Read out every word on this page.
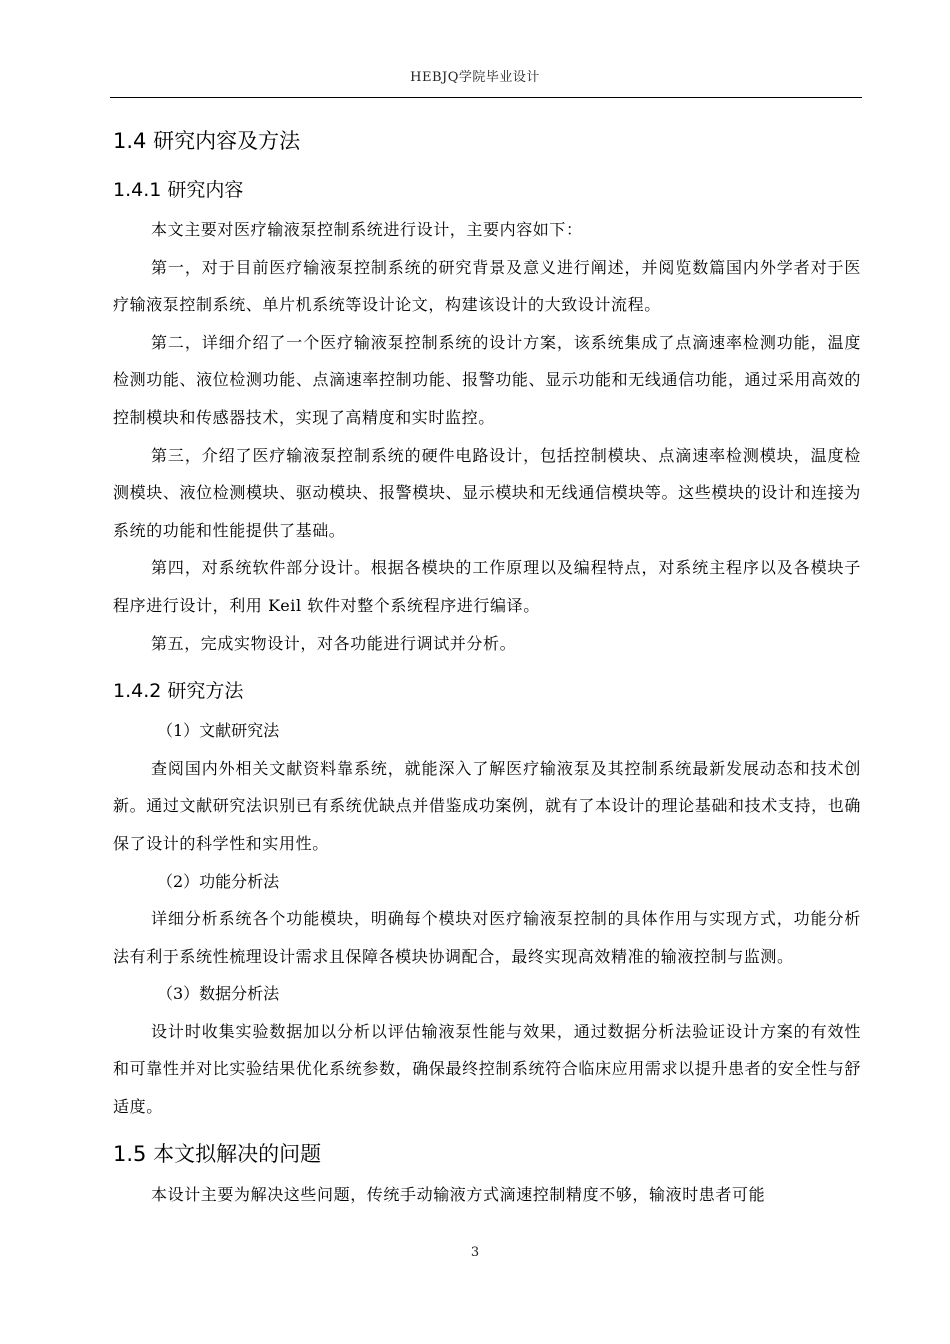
HEBJQ学院毕业设计
1.4 研究内容及方法
1.4.1 研究内容

本文主要对医疗输液泵控制系统进行设计，主要内容如下：

第一，对于目前医疗输液泵控制系统的研究背景及意义进行阐述，并阅览数篇国内外学者对于医疗输液泵控制系统、单片机系统等设计论文，构建该设计的大致设计流程。

第二，详细介绍了一个医疗输液泵控制系统的设计方案，该系统集成了点滴速率检测功能，温度检测功能、液位检测功能、点滴速率控制功能、报警功能、显示功能和无线通信功能，通过采用高效的控制模块和传感器技术，实现了高精度和实时监控。

第三，介绍了医疗输液泵控制系统的硬件电路设计，包括控制模块、点滴速率检测模块，温度检测模块、液位检测模块、驱动模块、报警模块、显示模块和无线通信模块等。这些模块的设计和连接为系统的功能和性能提供了基础。

第四，对系统软件部分设计。根据各模块的工作原理以及编程特点，对系统主程序以及各模块子程序进行设计，利用 Keil 软件对整个系统程序进行编译。

第五，完成实物设计，对各功能进行调试并分析。

1.4.2 研究方法

（1）文献研究法

查阅国内外相关文献资料靠系统，就能深入了解医疗输液泵及其控制系统最新发展动态和技术创新。通过文献研究法识别已有系统优缺点并借鉴成功案例，就有了本设计的理论基础和技术支持，也确保了设计的科学性和实用性。

（2）功能分析法

详细分析系统各个功能模块，明确每个模块对医疗输液泵控制的具体作用与实现方式，功能分析法有利于系统性梳理设计需求且保障各模块协调配合，最终实现高效精准的输液控制与监测。

（3）数据分析法

设计时收集实验数据加以分析以评估输液泵性能与效果，通过数据分析法验证设计方案的有效性和可靠性并对比实验结果优化系统参数，确保最终控制系统符合临床应用需求以提升患者的安全性与舒适度。

1.5 本文拟解决的问题

本设计主要为解决这些问题，传统手动输液方式滴速控制精度不够，输液时患者可能

3
